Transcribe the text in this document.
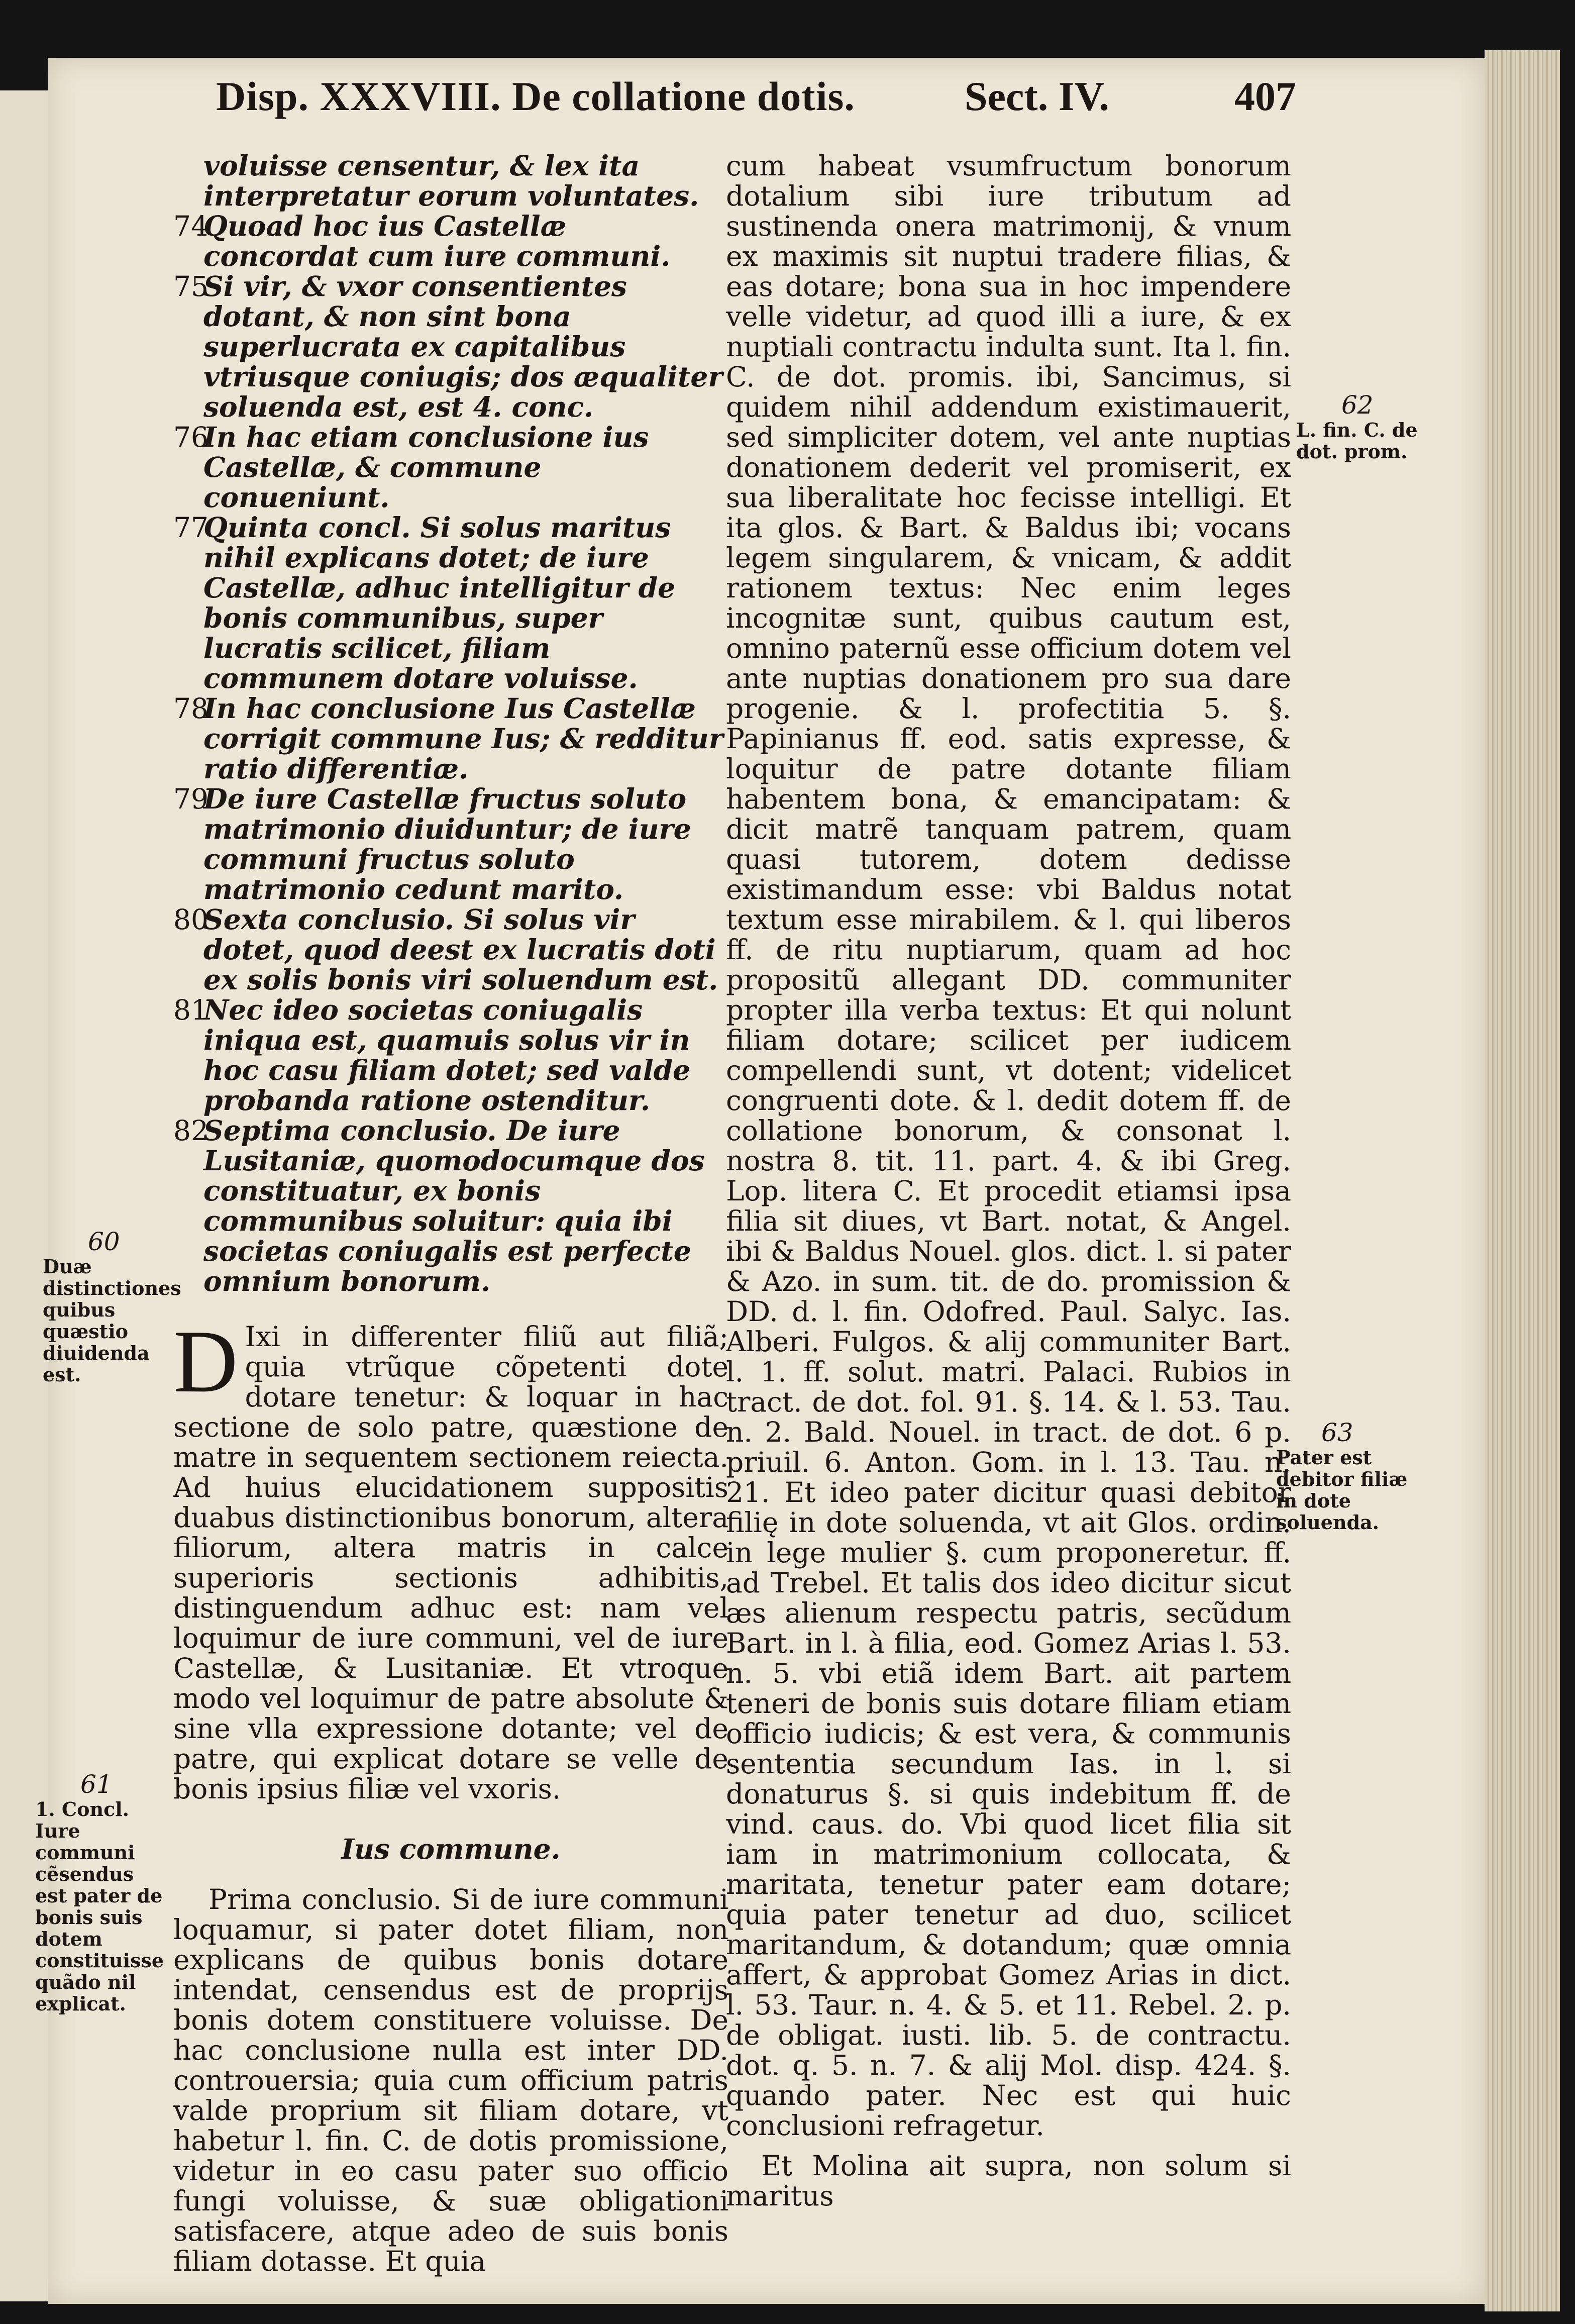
Disp. XXXVIII. De collatione dotis.	Sect. IV.	407

voluisse censentur, & lex ita interpretatur eorum voluntates.

74
Quoad hoc ius Castellæ concordat cum iure communi.
75
Si vir, & vxor consentientes dotant, & non sint bona superlucrata ex capitalibus vtriusque coniugis; dos æqualiter soluenda est, est 4. conc.
76
In hac etiam conclusione ius Castellæ, & commune conueniunt.
77
Quinta concl. Si solus maritus nihil explicans dotet; de iure Castellæ, adhuc intelligitur de bonis communibus, super lucratis scilicet, filiam communem dotare voluisse.
78
In hac conclusione Ius Castellæ corrigit commune Ius; & redditur ratio differentiæ.
79
De iure Castellæ fructus soluto matrimonio diuiduntur; de iure communi fructus soluto matrimonio cedunt marito.
80
Sexta conclusio. Si solus vir dotet, quod deest ex lucratis doti ex solis bonis viri soluendum est.
81
Nec ideo societas coniugalis iniqua est, quamuis solus vir in hoc casu filiam dotet; sed valde probanda ratione ostenditur.
82
Septima conclusio. De iure Lusitaniæ, quomodocumque dos constituatur, ex bonis communibus soluitur: quia ibi societas coniugalis est perfecte omnium bonorum.

D Ixi in differenter filiũ aut filiã; quia vtrũque cõpetenti dote dotare tenetur: & loquar in hac sectione de solo patre, quæstione de matre in sequentem sectionem reiecta. Ad huius elucidationem suppositis duabus distinctionibus bonorum, altera filiorum, altera matris in calce superioris sectionis adhibitis, distinguendum adhuc est: nam vel loquimur de iure communi, vel de iure Castellæ, & Lusitaniæ. Et vtroque modo vel loquimur de patre absolute & sine vlla expressione dotante; vel de patre, qui explicat dotare se velle de bonis ipsius filiæ vel vxoris.

Ius commune.

Prima conclusio. Si de iure communi loquamur, si pater dotet filiam, non explicans de quibus bonis dotare intendat, censendus est de proprijs bonis dotem constituere voluisse. De hac conclusione nulla est inter DD. controuersia; quia cum officium patris valde proprium sit filiam dotare, vt habetur l. fin. C. de dotis promissione, videtur in eo casu pater suo officio fungi voluisse, & suæ obligationi satisfacere, atque adeo de suis bonis filiam dotasse. Et quia

cum habeat vsumfructum bonorum dotalium sibi iure tributum ad sustinenda onera matrimonij, & vnum ex maximis sit nuptui tradere filias, & eas dotare; bona sua in hoc impendere velle videtur, ad quod illi a iure, & ex nuptiali contractu indulta sunt. Ita l. fin. C. de dot. promis. ibi, Sancimus, si quidem nihil addendum existimauerit, sed simpliciter dotem, vel ante nuptias donationem dederit vel promiserit, ex sua liberalitate hoc fecisse intelligi. Et ita glos. & Bart. & Baldus ibi; vocans legem singularem, & vnicam, & addit rationem textus: Nec enim leges incognitæ sunt, quibus cautum est, omnino paternũ esse officium dotem vel ante nuptias donationem pro sua dare progenie. & l. profectitia 5. §. Papinianus ff. eod. satis expresse, & loquitur de patre dotante filiam habentem bona, & emancipatam: & dicit matrẽ tanquam patrem, quam quasi tutorem, dotem dedisse existimandum esse: vbi Baldus notat textum esse mirabilem. & l. qui liberos ff. de ritu nuptiarum, quam ad hoc propositũ allegant DD. communiter propter illa verba textus: Et qui nolunt filiam dotare; scilicet per iudicem compellendi sunt, vt dotent; videlicet congruenti dote. & l. dedit dotem ff. de collatione bonorum, & consonat l. nostra 8. tit. 11. part. 4. & ibi Greg. Lop. litera C. Et procedit etiamsi ipsa filia sit diues, vt Bart. notat, & Angel. ibi & Baldus Nouel. glos. dict. l. si pater & Azo. in sum. tit. de do. promission & DD. d. l. fin. Odofred. Paul. Salyc. Ias. Alberi. Fulgos. & alij communiter Bart. l. 1. ff. solut. matri. Palaci. Rubios in tract. de dot. fol. 91. §. 14. & l. 53. Tau. n. 2. Bald. Nouel. in tract. de dot. 6 p. priuil. 6. Anton. Gom. in l. 13. Tau. n. 21. Et ideo pater dicitur quasi debitor filię in dote soluenda, vt ait Glos. ordin. in lege mulier §. cum proponeretur. ff. ad Trebel. Et talis dos ideo dicitur sicut æs alienum respectu patris, secũdum Bart. in l. à filia, eod. Gomez Arias l. 53. n. 5. vbi etiã idem Bart. ait partem teneri de bonis suis dotare filiam etiam officio iudicis; & est vera, & communis sententia secundum Ias. in l. si donaturus §. si quis indebitum ff. de vind. caus. do. Vbi quod licet filia sit iam in matrimonium collocata, & maritata, tenetur pater eam dotare; quia pater tenetur ad duo, scilicet maritandum, & dotandum; quæ omnia affert, & approbat Gomez Arias in dict. l. 53. Taur. n. 4. & 5. et 11. Rebel. 2. p. de obligat. iusti. lib. 5. de contractu. dot. q. 5. n. 7. & alij Mol. disp. 424. §. quando pater. Nec est qui huic conclusioni refragetur.

Et Molina ait supra, non solum si maritus

60
Duæ distinctiones quibus quæstio diuidenda est.
61
1. Concl. Iure communi cẽsendus est pater de bonis suis dotem constituisse quãdo nil explicat.
62
L. fin. C. de dot. prom.
63
Pater est debitor filiæ in dote soluenda.
